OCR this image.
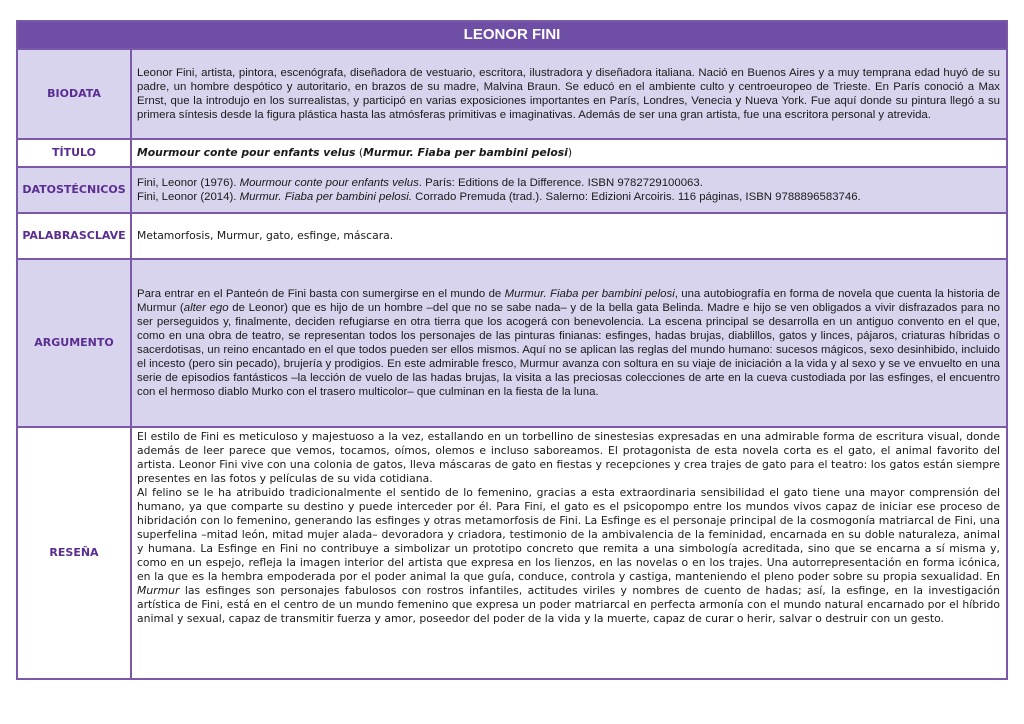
LEONOR FINI
BIODATA

Leonor Fini, artista, pintora, escenógrafa, diseñadora de vestuario, escritora, ilustradora y diseñadora italiana. Nació en Buenos Aires y a muy temprana edad huyó de su padre, un hombre despótico y autoritario, en brazos de su madre, Malvina Braun. Se educó en el ambiente culto y centroeuropeo de Trieste. En París conoció a Max Ernst, que la introdujo en los surrealistas, y participó en varias exposiciones importantes en París, Londres, Venecia y Nueva York. Fue aquí donde su pintura llegó a su primera síntesis desde la figura plástica hasta las atmósferas primitivas e imaginativas. Además de ser una gran artista, fue una escritora personal y atrevida.

TÍTULO	Mourmour conte pour enfants velus (Murmur. Fiaba per bambini pelosi)

DATOS TÉCNICOS Fini, Leonor (1976). Mourmour conte pour enfants velus. París: Editions de la Difference. ISBN 9782729100063.

Fini, Leonor (2014). Murmur. Fiaba per bambini pelosi. Corrado Premuda (trad.). Salerno: Edizioni Arcoiris. 116 páginas, ISBN 9788896583746.

PALABRAS CLAVE Metamorfosis, Murmur, gato, esfinge, máscara.

ARGUMENTO

Para entrar en el Panteón de Fini basta con sumergirse en el mundo de Murmur. Fiaba per bambini pelosi, una autobiografía en forma de novela que cuenta la historia de Murmur (alter ego de Leonor) que es hijo de un hombre –del que no se sabe nada– y de la bella gata Belinda. Madre e hijo se ven obligados a vivir disfrazados para no ser perseguidos y, finalmente, deciden refugiarse en otra tierra que los acogerá con benevolencia. La escena principal se desarrolla en un antiguo convento en el que, como en una obra de teatro, se representan todos los personajes de las pinturas finianas: esfinges, hadas brujas, diablillos, gatos y linces, pájaros, criaturas híbridas o sacerdotisas, un reino encantado en el que todos pueden ser ellos mismos. Aquí no se aplican las reglas del mundo humano: sucesos mágicos, sexo desinhibido, incluido el incesto (pero sin pecado), brujería y prodigios. En este admirable fresco, Murmur avanza con soltura en su viaje de iniciación a la vida y al sexo y se ve envuelto en una serie de episodios fantásticos –la lección de vuelo de las hadas brujas, la visita a las preciosas colecciones de arte en la cueva custodiada por las esfinges, el encuentro con el hermoso diablo Murko con el trasero multicolor– que culminan en la fiesta de la luna.

RESEÑA

El estilo de Fini es meticuloso y majestuoso a la vez, estallando en un torbellino de sinestesias expresadas en una admirable forma de escritura visual, donde además de leer parece que vemos, tocamos, oímos, olemos e incluso saboreamos. El protagonista de esta novela corta es el gato, el animal favorito del artista. Leonor Fini vive con una colonia de gatos, lleva máscaras de gato en fiestas y recepciones y crea trajes de gato para el teatro: los gatos están siempre presentes en las fotos y películas de su vida cotidiana.

Al felino se le ha atribuido tradicionalmente el sentido de lo femenino, gracias a esta extraordinaria sensibilidad el gato tiene una mayor comprensión del humano, ya que comparte su destino y puede interceder por él. Para Fini, el gato es el psicopompo entre los mundos vivos capaz de iniciar ese proceso de hibridación con lo femenino, generando las esfinges y otras metamorfosis de Fini. La Esfinge es el personaje principal de la cosmogonía matriarcal de Fini, una superfelina –mitad león, mitad mujer alada– devoradora y criadora, testimonio de la ambivalencia de la feminidad, encarnada en su doble naturaleza, animal y humana. La Esfinge en Fini no contribuye a simbolizar un prototipo concreto que remita a una simbología acreditada, sino que se encarna a sí misma y, como en un espejo, refleja la imagen interior del artista que expresa en los lienzos, en las novelas o en los trajes. Una autorrepresentación en forma icónica, en la que es la hembra empoderada por el poder animal la que guía, conduce, controla y castiga, manteniendo el pleno poder sobre su propia sexualidad. En Murmur las esfinges son personajes fabulosos con rostros infantiles, actitudes viriles y nombres de cuento de hadas; así, la esfinge, en la investigación artística de Fini, está en el centro de un mundo femenino que expresa un poder matriarcal en perfecta armonía con el mundo natural encarnado por el híbrido animal y sexual, capaz de transmitir fuerza y amor, poseedor del poder de la vida y la muerte, capaz de curar o herir, salvar o destruir con un gesto.
